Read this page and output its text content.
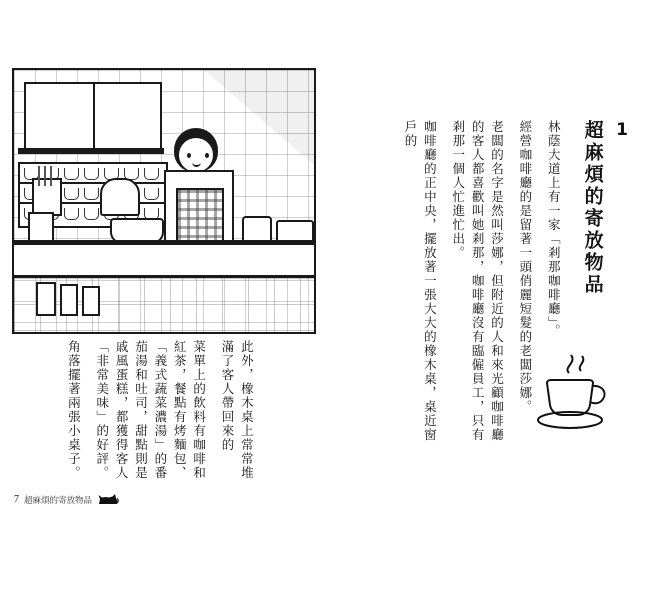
角落擺著兩張小桌子。	菜單上的飲料有咖啡和紅茶，餐點有烤麵包、「義式蔬菜濃湯」的番茄湯和吐司，甜點則是戚風蛋糕，都獲得客人「非常美味」的好評。	此外，橡木桌上常常堆滿了客人帶回來的
7 超麻煩的寄放物品
咖啡廳的正中央，擺放著一張大大的橡木桌，桌近窗戶的	老闆的名字是然叫莎娜，但附近的人和來光顧咖啡廳的客人都喜歡叫她剎那，咖啡廳沒有臨僱員工，只有剎那一個人忙進忙出。	經營咖啡廳的是留著一頭俏麗短髮的老闆莎娜。 林蔭大道上有一家「剎那咖啡廳」。 超麻煩的寄放物品 1
